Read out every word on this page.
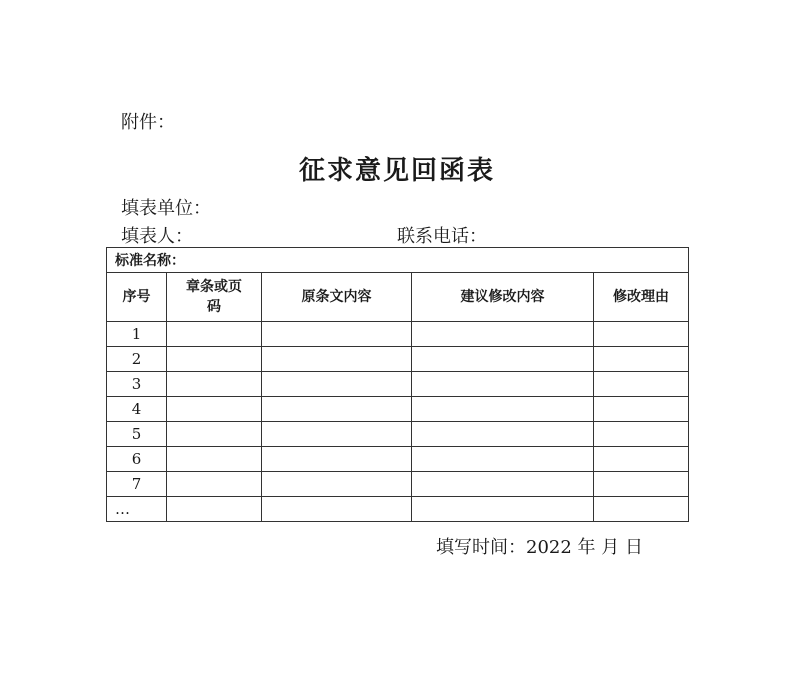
附件：
征求意见回函表
填表单位：
填表人：	联系电话：
标准名称：				
序号	章条或页码	原条文内容	建议修改内容	修改理由
1				
2				
3				
4				
5				
6				
7				
…				
填写时间：2022 年 月 日
